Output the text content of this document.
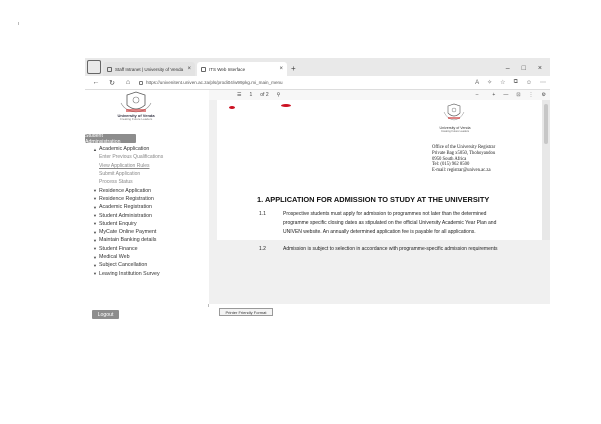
Staff Intranet | University of Venda ×	ITS Web Interface	× +	– □ ×
← ↻	⌂	https://univenitent.univen.ac.za/pls/prodi04/w99pkg.mi_main_menu	A ✧ ☆ ⧉ ☺ ⋯
University of Venda
Creating Future Leaders
Student Adminsistration
▲ Academic Application
Enter Previous Qualifications
View Application Rules
Submit Application
Process Status
▼ Residence Application
▼ Residence Registration
▼ Academic Registration
▼ Student Administration
▼ Student Enquiry
▼ MyCate Online Payment
▼ Maintain Banking details
▼ Student Finance
▼ Medical Web
▼ Subject Cancellation
▼ Leaving Institution Survey
Logout
☰ 1 of 2 ⚲	–	+ — ⊡ ⋮ ⚙
University of Venda
Creating Future Leaders
Office of the University Registrar
Private Bag x5050, Thohoyandou
0950 South Africa
Tel: (015) 962 8500
E-mail: registrar@univen.ac.za
1. APPLICATION FOR ADMISSION TO STUDY AT THE UNIVERSITY
1.1	Prospective students must apply for admission to programmes not later than the determined
programme specific closing dates as stipulated on the official University Academic Year Plan and
UNIVEN website. An annually determined application fee is payable for all applications.
1.2	Admission is subject to selection in accordance with programme-specific admission requirements
Printer Friendly Format
